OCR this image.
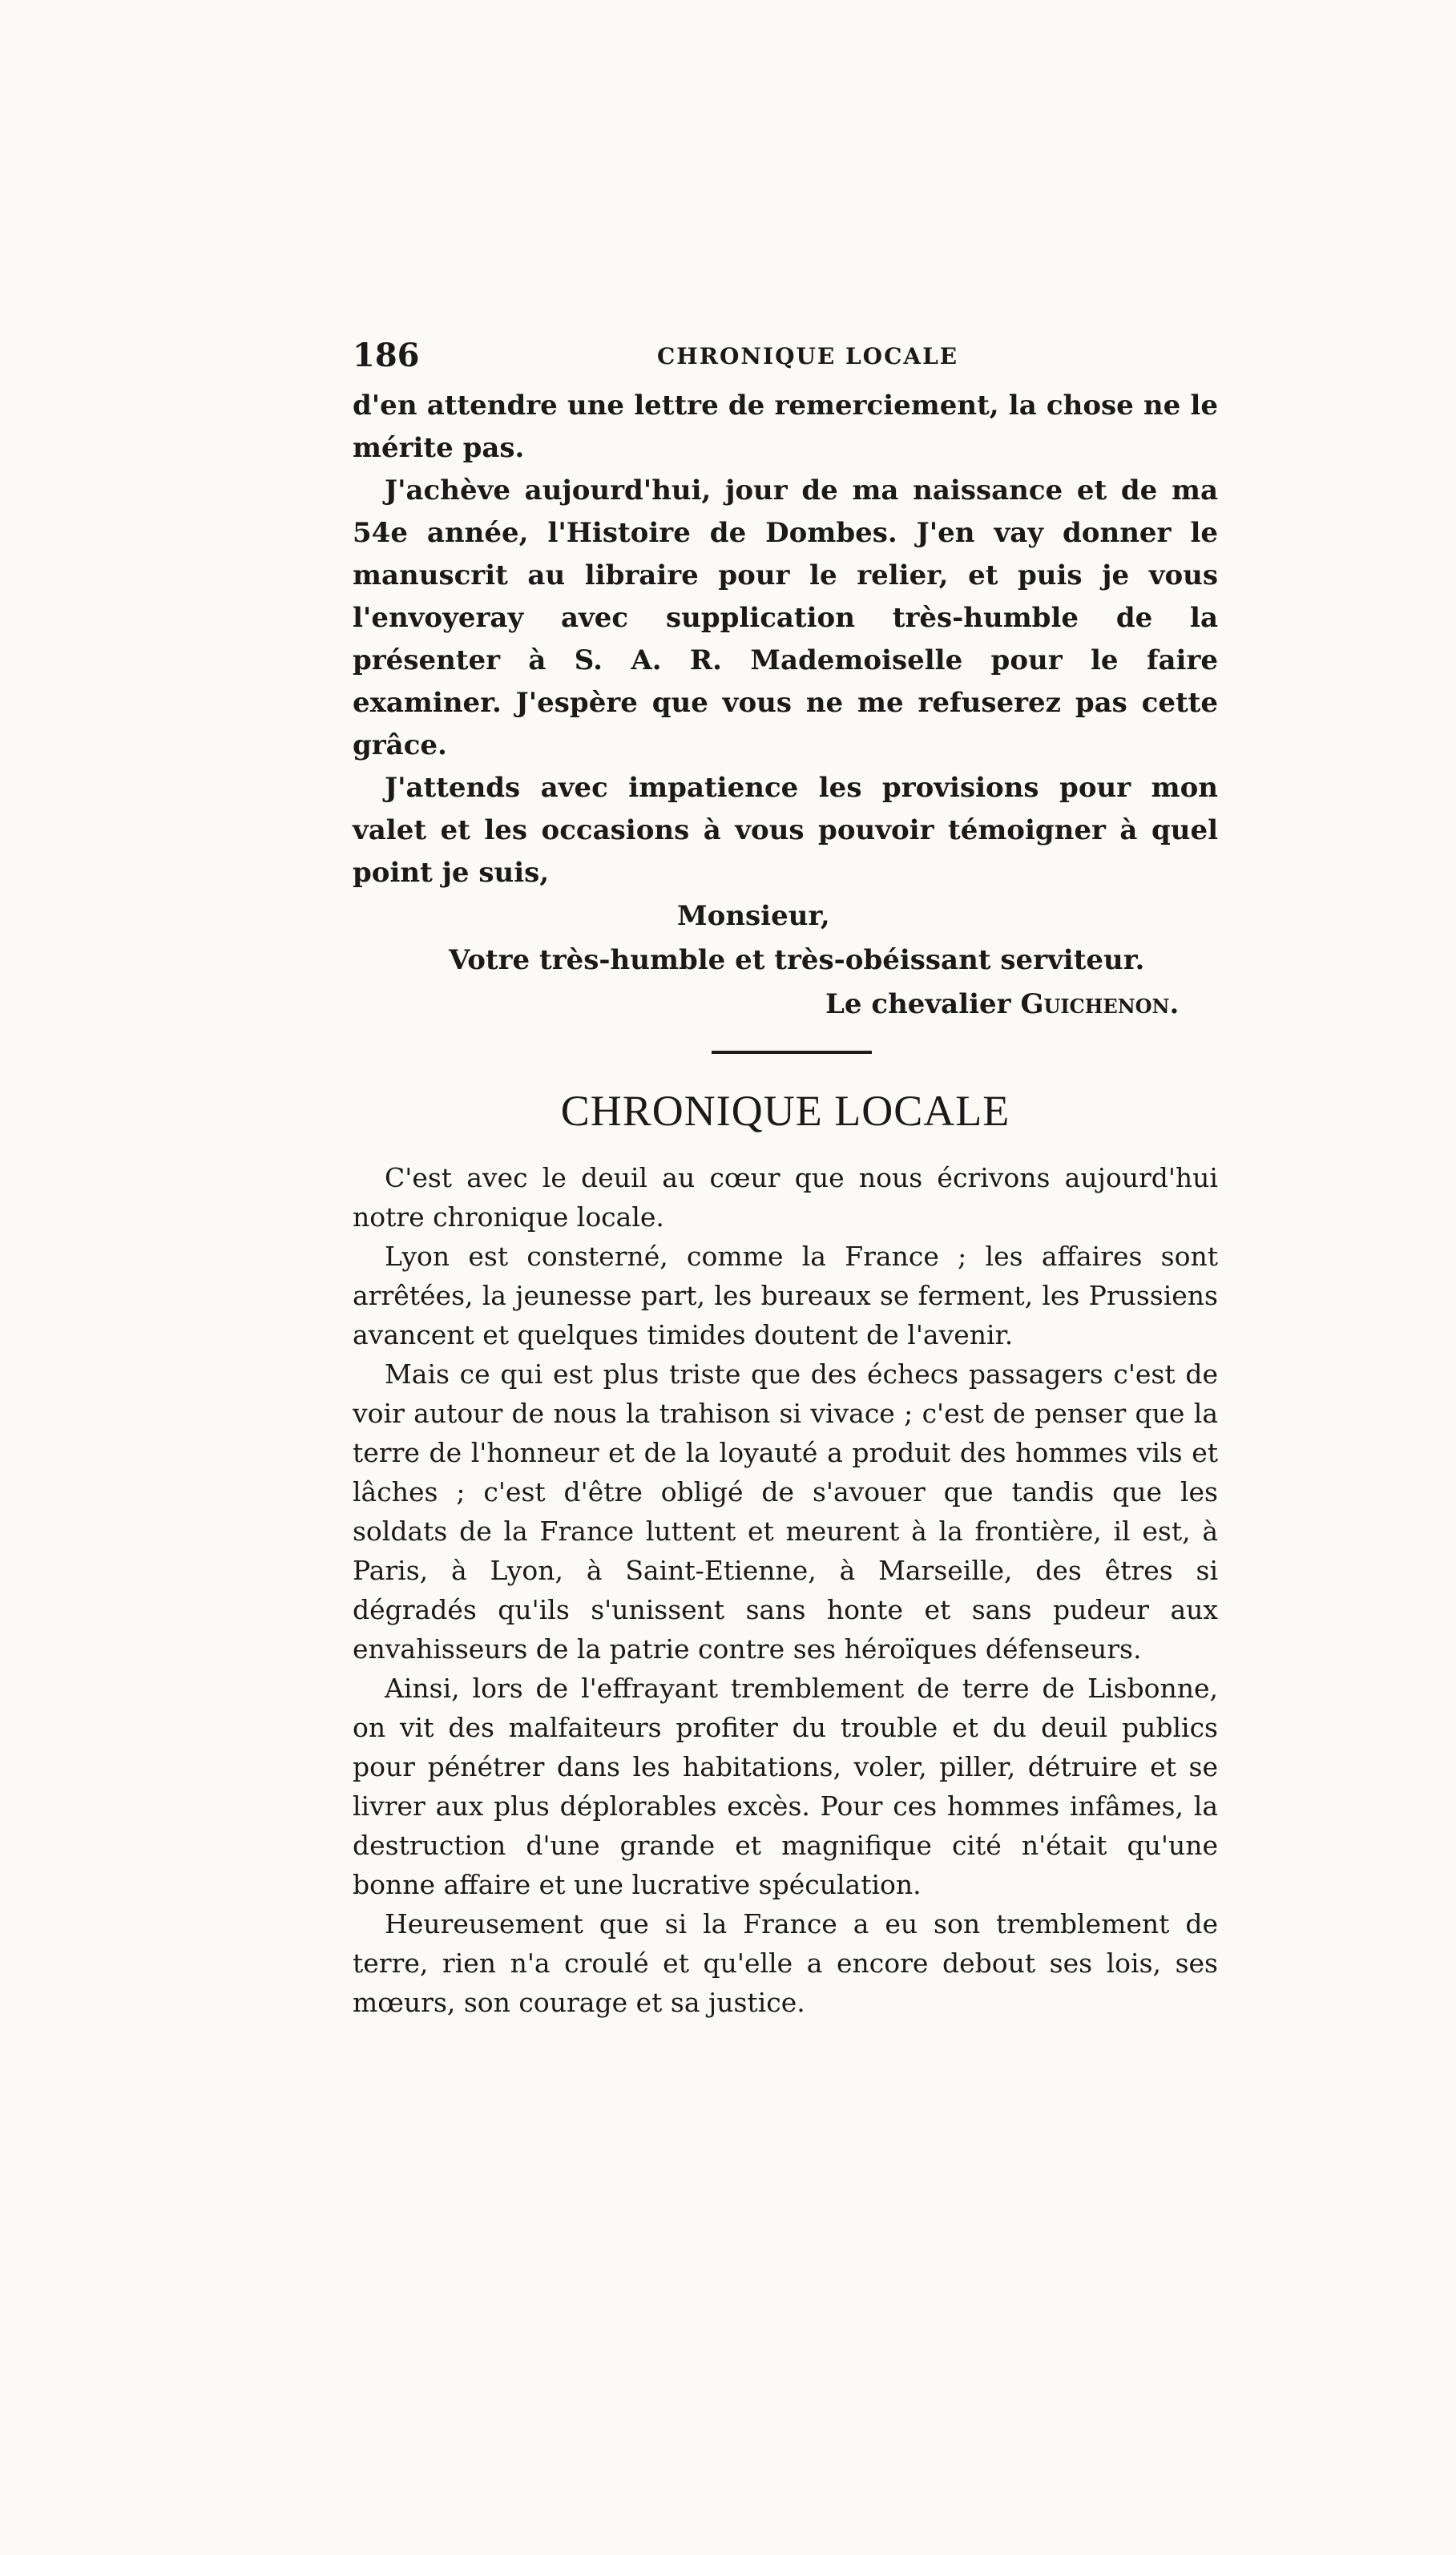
186	CHRONIQUE LOCALE

d'en attendre une lettre de remerciement, la chose ne le mérite pas.

J'achève aujourd'hui, jour de ma naissance et de ma 54e année, l'Histoire de Dombes. J'en vay donner le manuscrit au libraire pour le relier, et puis je vous l'envoyeray avec supplication très-humble de la présenter à S. A. R. Mademoiselle pour le faire examiner. J'espère que vous ne me refuserez pas cette grâce.

J'attends avec impatience les provisions pour mon valet et les occasions à vous pouvoir témoigner à quel point je suis,

Monsieur,
Votre très-humble et très-obéissant serviteur.
Le chevalier Guichenon.
CHRONIQUE LOCALE

C'est avec le deuil au cœur que nous écrivons aujourd'hui notre chronique locale.

Lyon est consterné, comme la France ; les affaires sont arrêtées, la jeunesse part, les bureaux se ferment, les Prussiens avancent et quelques timides doutent de l'avenir.

Mais ce qui est plus triste que des échecs passagers c'est de voir autour de nous la trahison si vivace ; c'est de penser que la terre de l'honneur et de la loyauté a produit des hommes vils et lâches ; c'est d'être obligé de s'avouer que tandis que les soldats de la France luttent et meurent à la frontière, il est, à Paris, à Lyon, à Saint-Etienne, à Marseille, des êtres si dégradés qu'ils s'unissent sans honte et sans pudeur aux envahisseurs de la patrie contre ses héroïques défenseurs.

Ainsi, lors de l'effrayant tremblement de terre de Lisbonne, on vit des malfaiteurs profiter du trouble et du deuil publics pour pénétrer dans les habitations, voler, piller, détruire et se livrer aux plus déplorables excès. Pour ces hommes infâmes, la destruction d'une grande et magnifique cité n'était qu'une bonne affaire et une lucrative spéculation.

Heureusement que si la France a eu son tremblement de terre, rien n'a croulé et qu'elle a encore debout ses lois, ses mœurs, son courage et sa justice.
